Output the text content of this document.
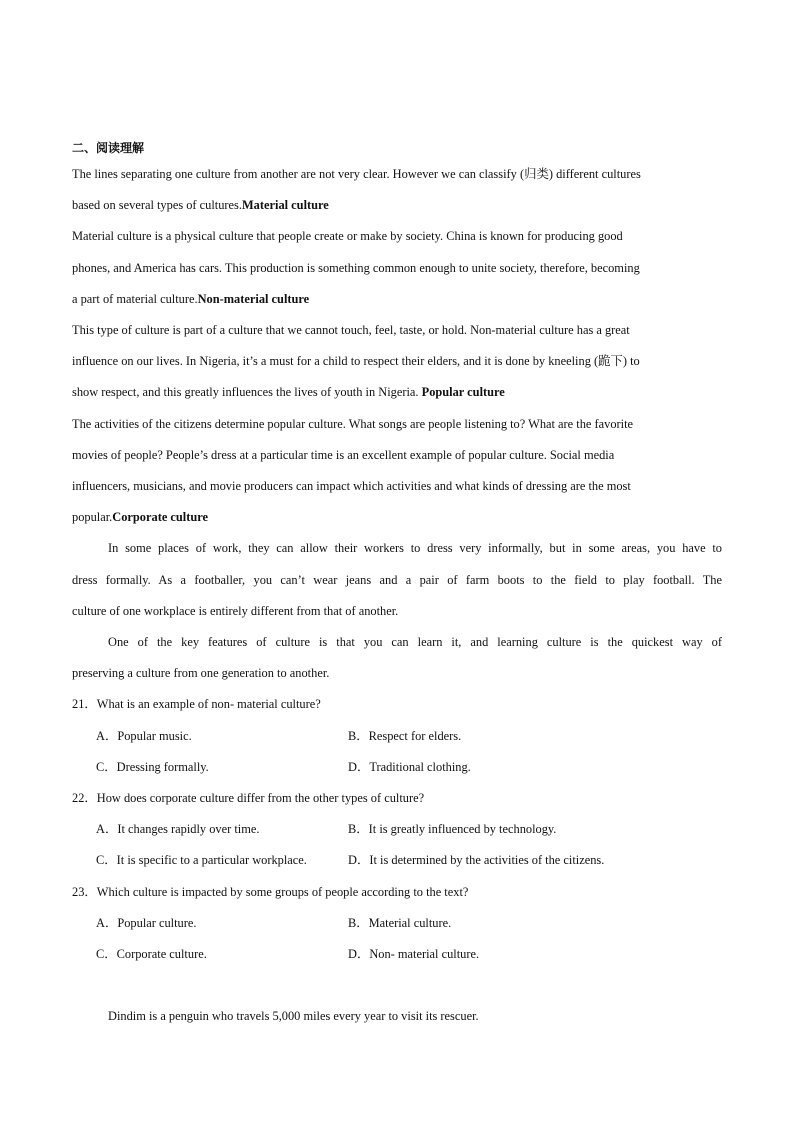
二、阅读理解
The lines separating one culture from another are not very clear. However we can classify (归类) different cultures
based on several types of cultures.Material culture
Material culture is a physical culture that people create or make by society. China is known for producing good
phones, and America has cars. This production is something common enough to unite society, therefore, becoming
a part of material culture.Non-material culture
This type of culture is part of a culture that we cannot touch, feel, taste, or hold. Non-material culture has a great
influence on our lives. In Nigeria, it’s a must for a child to respect their elders, and it is done by kneeling (跪下) to
show respect, and this greatly influences the lives of youth in Nigeria. Popular culture
The activities of the citizens determine popular culture. What songs are people listening to? What are the favorite
movies of people? People’s dress at a particular time is an excellent example of popular culture. Social media
influencers, musicians, and movie producers can impact which activities and what kinds of dressing are the most
popular.Corporate culture
In some places of work, they can allow their workers to dress very informally, but in some areas, you have to
dress formally. As a footballer, you can’t wear jeans and a pair of farm boots to the field to play football. The
culture of one workplace is entirely different from that of another.
One of the key features of culture is that you can learn it, and learning culture is the quickest way of
preserving a culture from one generation to another.
21．What is an example of non- material culture?
A．Popular music.	B．Respect for elders.
C．Dressing formally.	D．Traditional clothing.
22．How does corporate culture differ from the other types of culture?
A．It changes rapidly over time.	B．It is greatly influenced by technology.
C．It is specific to a particular workplace.	D．It is determined by the activities of the citizens.
23．Which culture is impacted by some groups of people according to the text?
A．Popular culture.	B．Material culture.
C．Corporate culture.	D．Non- material culture.
Dindim is a penguin who travels 5,000 miles every year to visit its rescuer.
